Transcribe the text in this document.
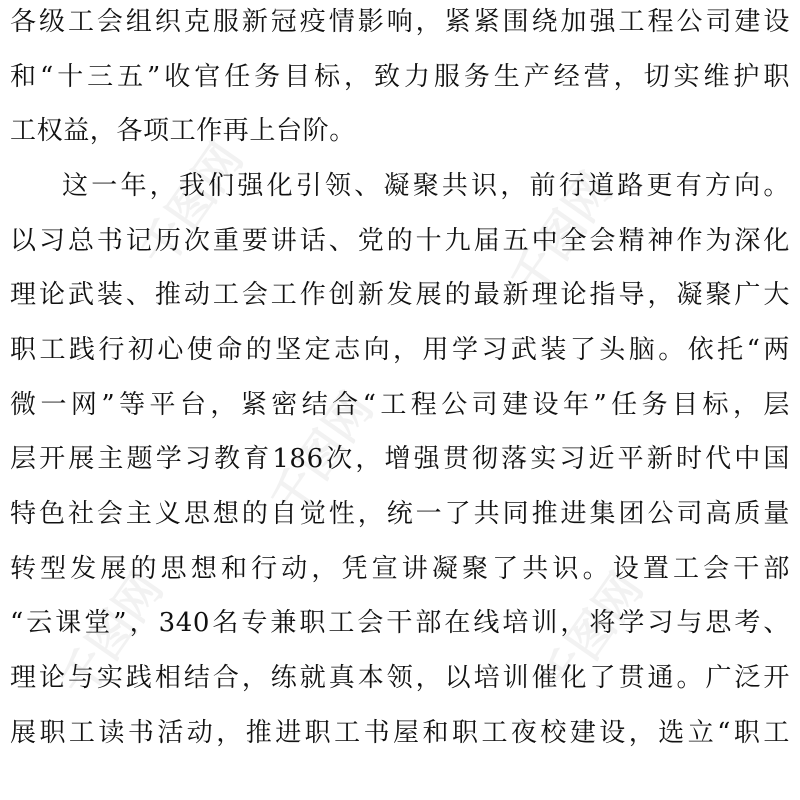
千图网	千图网
千图网
千图网
千图网
各级工会组织克服新冠疫情影响，紧紧围绕加强工程公司建设
和“十三五”收官任务目标，致力服务生产经营，切实维护职
工权益，各项工作再上台阶。
这一年，我们强化引领、凝聚共识，前行道路更有方向。
以习总书记历次重要讲话、党的十九届五中全会精神作为深化
理论武装、推动工会工作创新发展的最新理论指导，凝聚广大
职工践行初心使命的坚定志向，用学习武装了头脑。依托“两
微一网”等平台，紧密结合“工程公司建设年”任务目标，层
层开展主题学习教育186次，增强贯彻落实习近平新时代中国
特色社会主义思想的自觉性，统一了共同推进集团公司高质量
转型发展的思想和行动，凭宣讲凝聚了共识。设置工会干部
“云课堂”，340名专兼职工会干部在线培训，将学习与思考、
理论与实践相结合，练就真本领，以培训催化了贯通。广泛开
展职工读书活动，推进职工书屋和职工夜校建设，选立“职工
